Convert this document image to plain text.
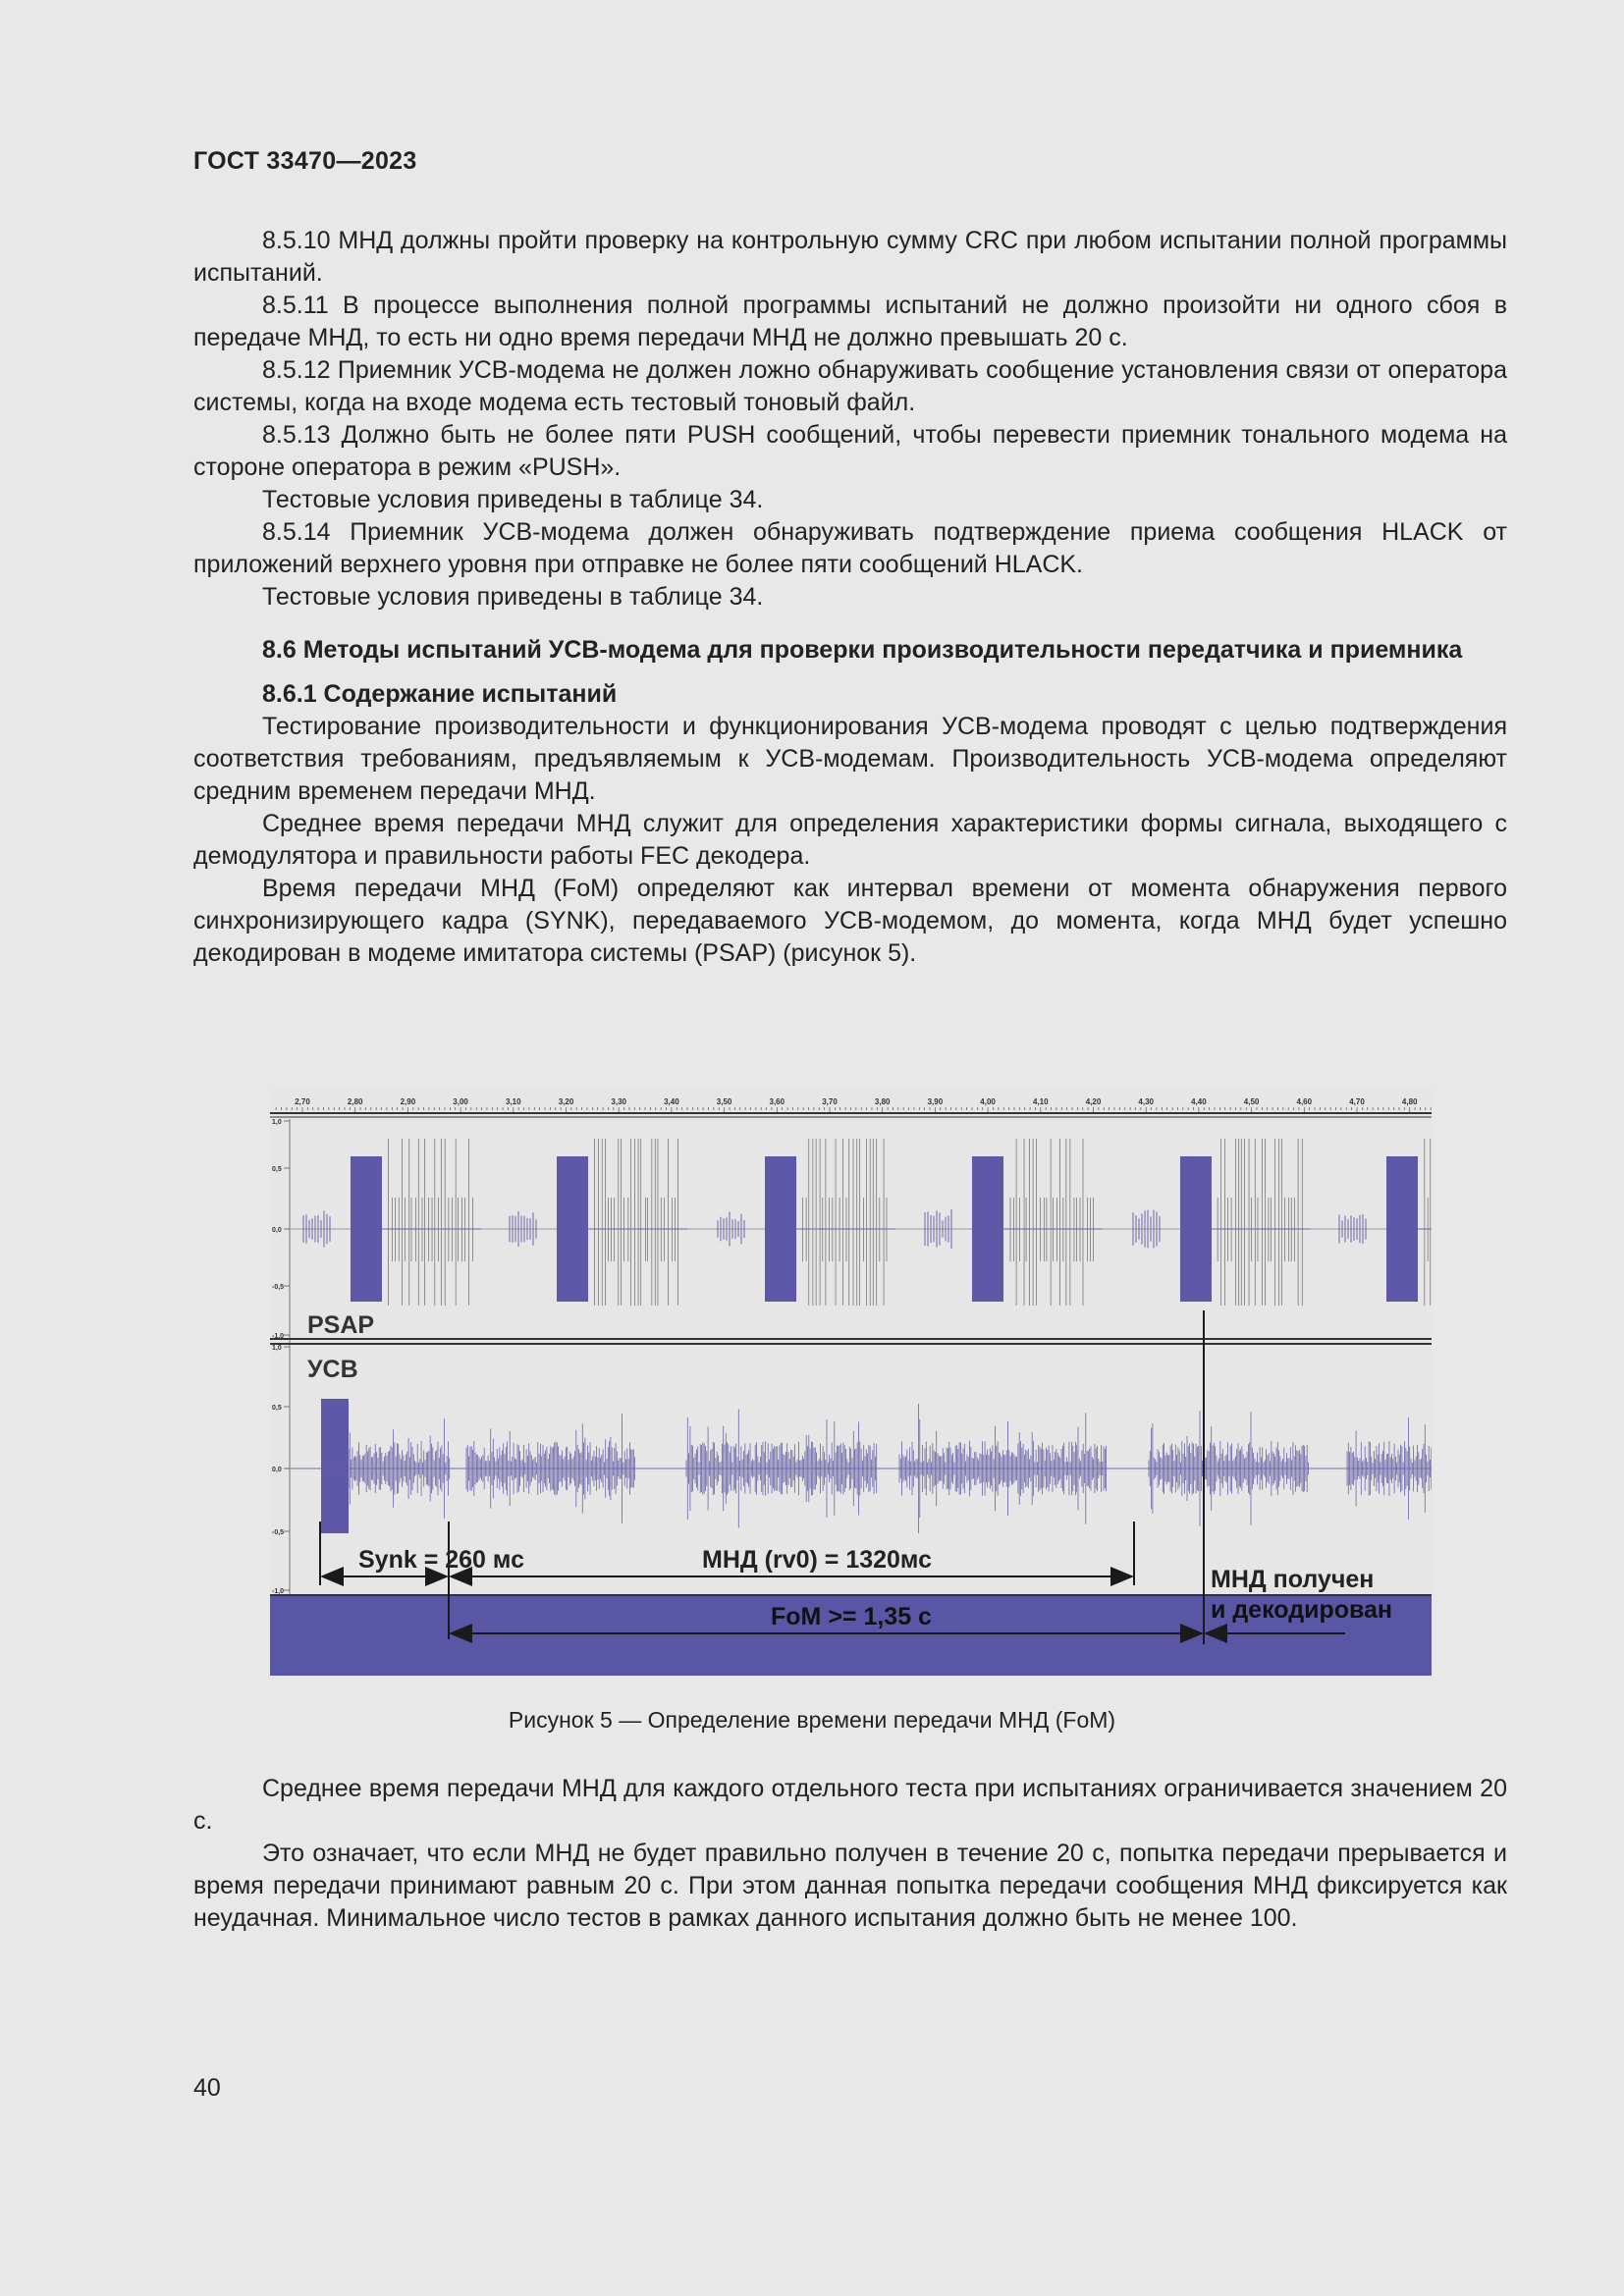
ГОСТ 33470—2023

8.5.10 МНД должны пройти проверку на контрольную сумму CRC при любом испытании полной программы испытаний.

8.5.11 В процессе выполнения полной программы испытаний не должно произойти ни одного сбоя в передаче МНД, то есть ни одно время передачи МНД не должно превышать 20 с.

8.5.12 Приемник УСВ-модема не должен ложно обнаруживать сообщение установления связи от оператора системы, когда на входе модема есть тестовый тоновый файл.

8.5.13 Должно быть не более пяти PUSH сообщений, чтобы перевести приемник тонального модема на стороне оператора в режим «PUSH».

Тестовые условия приведены в таблице 34.

8.5.14 Приемник УСВ-модема должен обнаруживать подтверждение приема сообщения HLACK от приложений верхнего уровня при отправке не более пяти сообщений HLACK.

Тестовые условия приведены в таблице 34.

8.6 Методы испытаний УСВ-модема для проверки производительности передатчика и приемника

8.6.1 Содержание испытаний

Тестирование производительности и функционирования УСВ-модема проводят с целью подтверждения соответствия требованиям, предъявляемым к УСВ-модемам. Производительность УСВ-модема определяют средним временем передачи МНД.

Среднее время передачи МНД служит для определения характеристики формы сигнала, выходящего с демодулятора и правильности работы FEC декодера.

Время передачи МНД (FoM) определяют как интервал времени от момента обнаружения первого синхронизирующего кадра (SYNK), передаваемого УСВ-модемом, до момента, когда МНД будет успешно декодирован в модеме имитатора системы (PSAP) (рисунок 5).

2,70	2,80	2,90	3,00	3,10	3,20	3,30	3,40	3,50	3,60	3,70	3,80	3,90	4,00	4,10	4,20	4,30	4,40	4,50	4,60	4,70	4,80
1,0
0,5
0,0
-0,5
-1,0
1,0
0,5
0,0
-0,5
-1,0
PSAP
УСВ
Synk = 260 мс	МНД (rv0) = 1320мс
FoM >= 1,35 с
МНД получен
и декодирован
Рисунок 5 — Определение времени передачи МНД (FoM)

Среднее время передачи МНД для каждого отдельного теста при испытаниях ограничивается значением 20 с.

Это означает, что если МНД не будет правильно получен в течение 20 с, попытка передачи прерывается и время передачи принимают равным 20 с. При этом данная попытка передачи сообщения МНД фиксируется как неудачная. Минимальное число тестов в рамках данного испытания должно быть не менее 100.

40
